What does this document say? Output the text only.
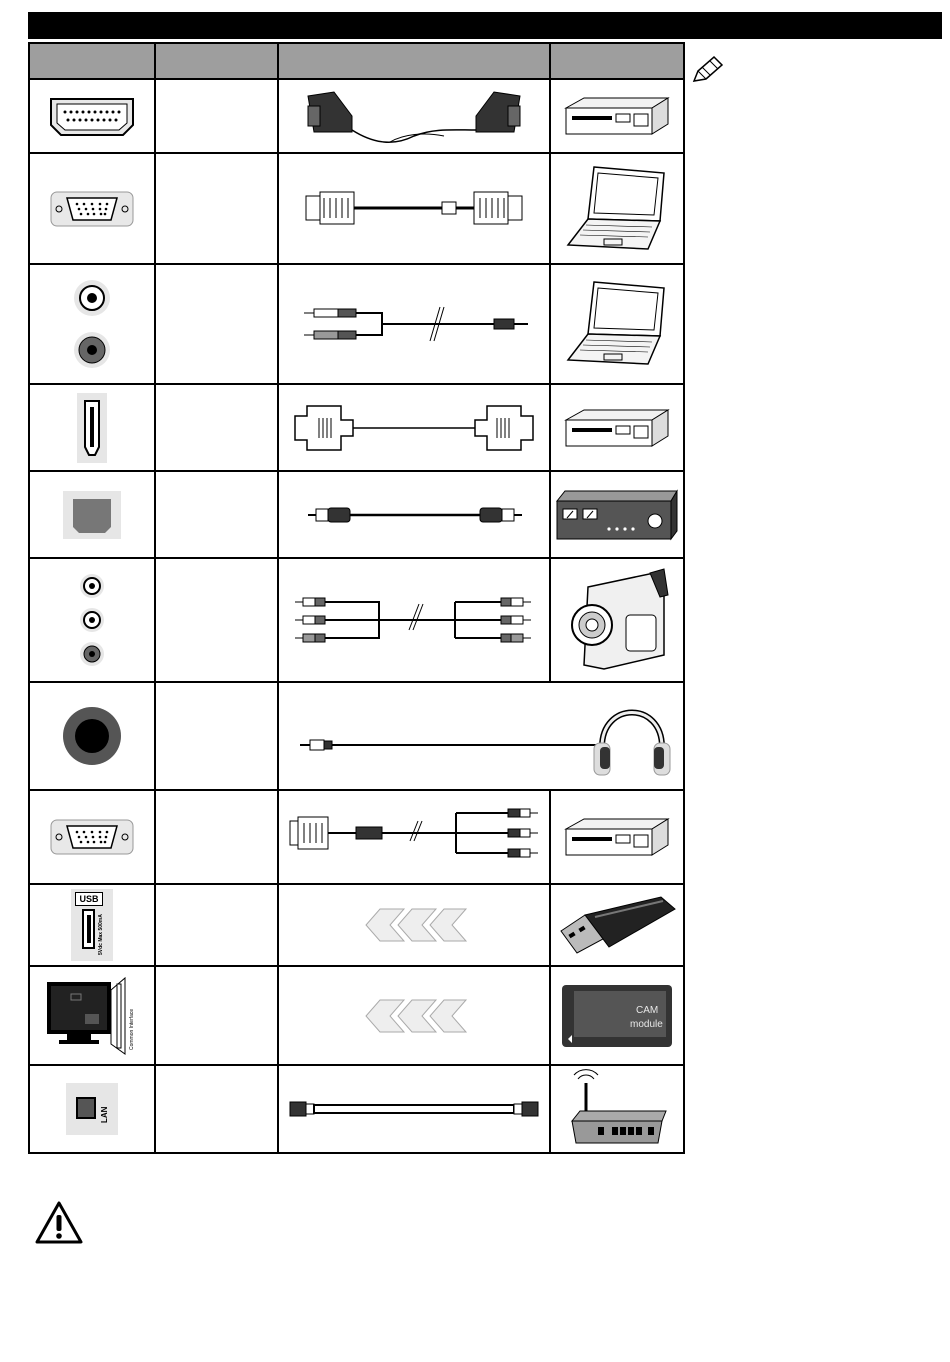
USB
5Vdc Max 500mA
Common Interface	CAM
module
LAN
